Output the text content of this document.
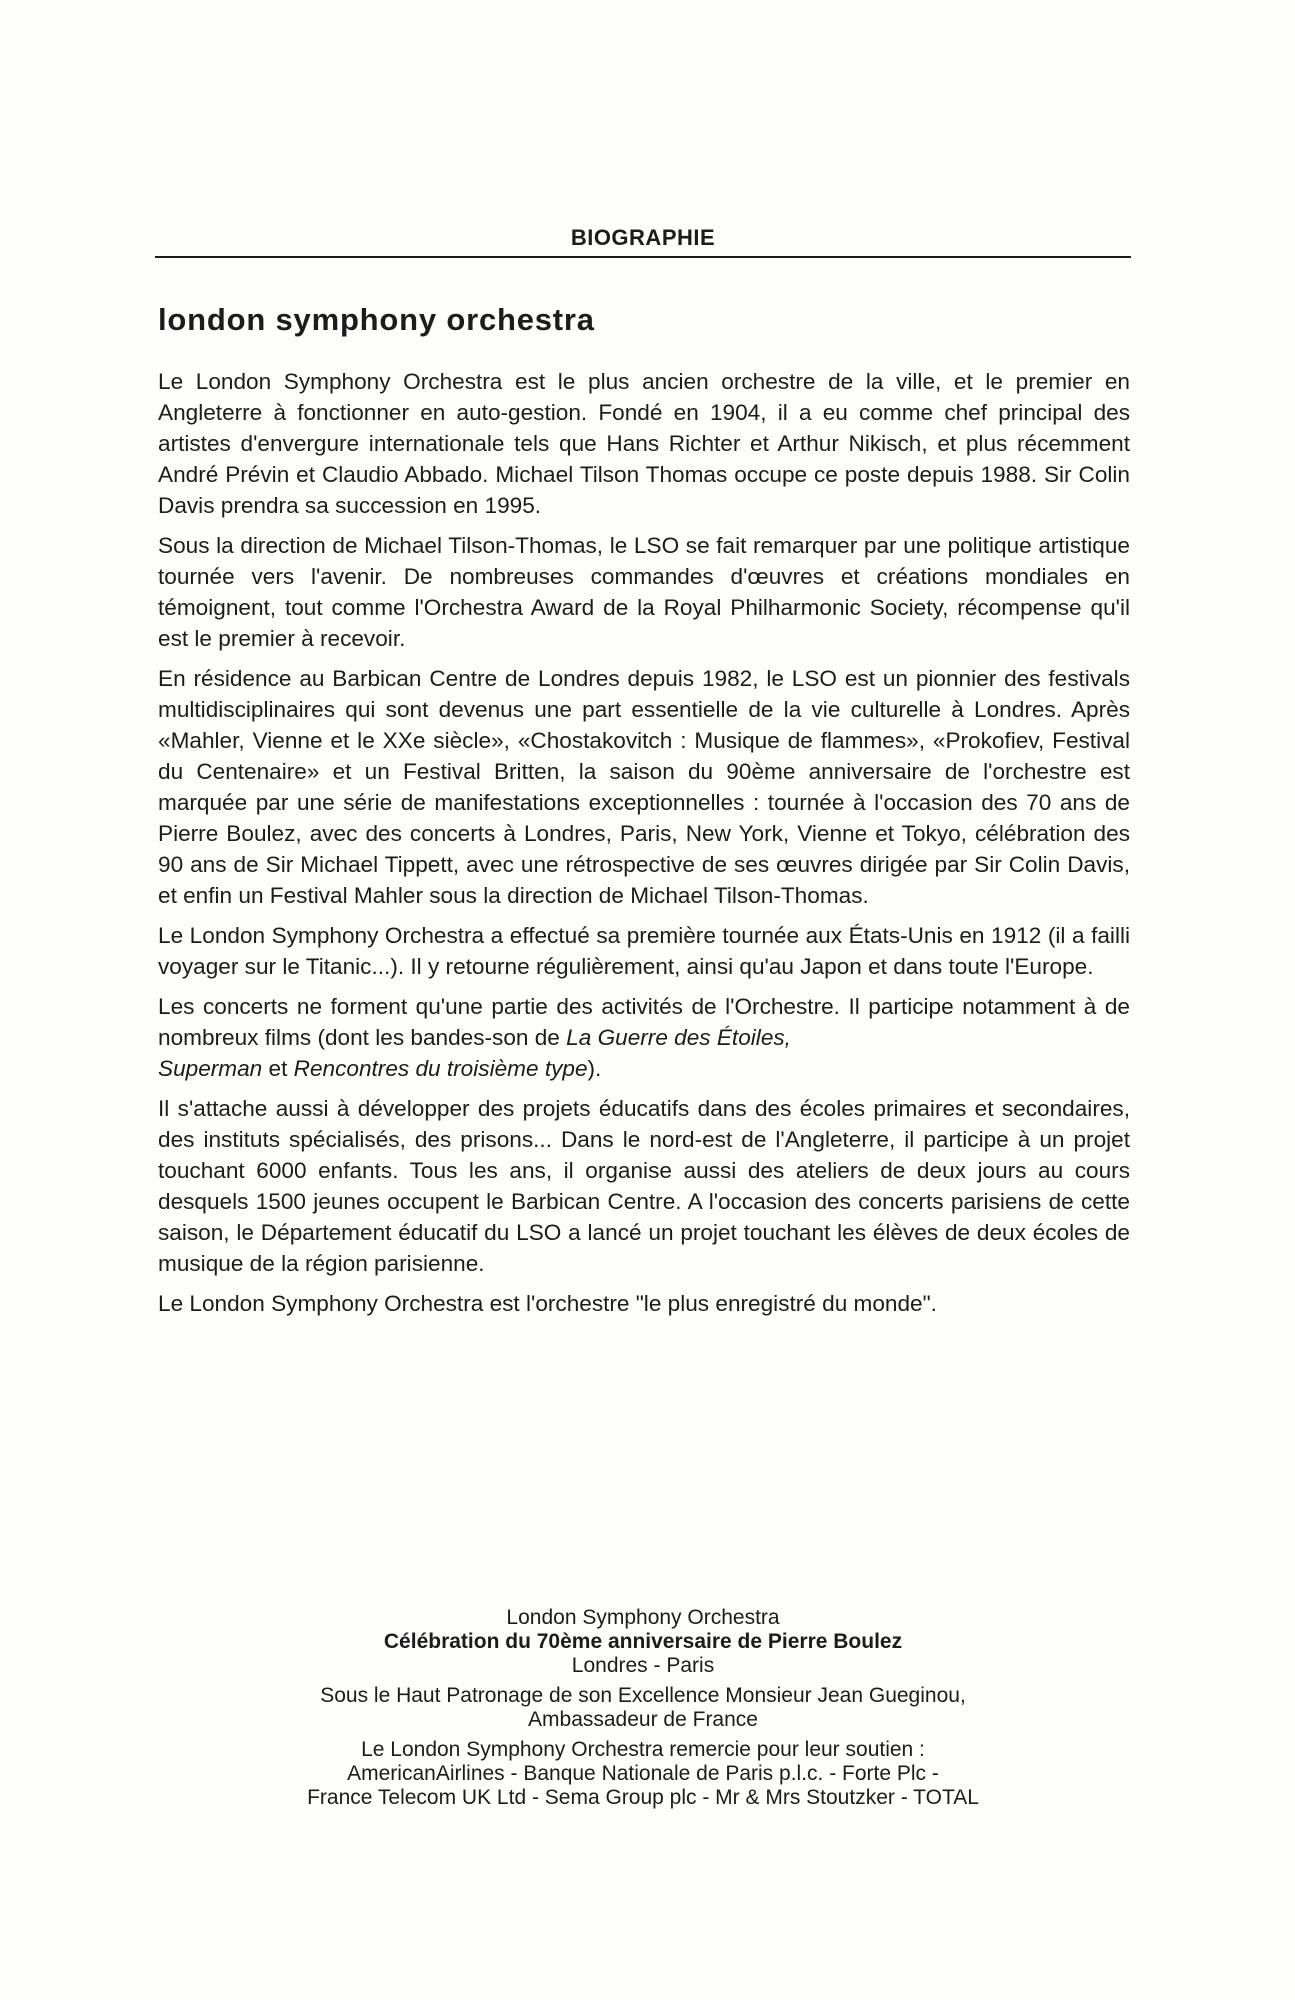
BIOGRAPHIE
london symphony orchestra

Le London Symphony Orchestra est le plus ancien orchestre de la ville, et le premier en Angleterre à fonctionner en auto-gestion. Fondé en 1904, il a eu comme chef principal des artistes d'envergure internationale tels que Hans Richter et Arthur Nikisch, et plus récemment André Prévin et Claudio Abbado. Michael Tilson Thomas occupe ce poste depuis 1988. Sir Colin Davis prendra sa succession en 1995.

Sous la direction de Michael Tilson-Thomas, le LSO se fait remarquer par une politique artistique tournée vers l'avenir. De nombreuses commandes d'œuvres et créations mondiales en témoignent, tout comme l'Orchestra Award de la Royal Philharmonic Society, récompense qu'il est le premier à recevoir.

En résidence au Barbican Centre de Londres depuis 1982, le LSO est un pionnier des festivals multidisciplinaires qui sont devenus une part essentielle de la vie culturelle à Londres. Après «Mahler, Vienne et le XXe siècle», «Chostakovitch : Musique de flammes», «Prokofiev, Festival du Centenaire» et un Festival Britten, la saison du 90ème anniversaire de l'orchestre est marquée par une série de manifestations exceptionnelles : tournée à l'occasion des 70 ans de Pierre Boulez, avec des concerts à Londres, Paris, New York, Vienne et Tokyo, célébration des 90 ans de Sir Michael Tippett, avec une rétrospective de ses œuvres dirigée par Sir Colin Davis, et enfin un Festival Mahler sous la direction de Michael Tilson-Thomas.

Le London Symphony Orchestra a effectué sa première tournée aux États-Unis en 1912 (il a failli voyager sur le Titanic...). Il y retourne régulièrement, ainsi qu'au Japon et dans toute l'Europe.

Les concerts ne forment qu'une partie des activités de l'Orchestre. Il participe notamment à de nombreux films (dont les bandes-son de La Guerre des Étoiles,
Superman et Rencontres du troisième type).

Il s'attache aussi à développer des projets éducatifs dans des écoles primaires et secondaires, des instituts spécialisés, des prisons... Dans le nord-est de l'Angleterre, il participe à un projet touchant 6000 enfants. Tous les ans, il organise aussi des ateliers de deux jours au cours desquels 1500 jeunes occupent le Barbican Centre. A l'occasion des concerts parisiens de cette saison, le Département éducatif du LSO a lancé un projet touchant les élèves de deux écoles de musique de la région parisienne.

Le London Symphony Orchestra est l'orchestre "le plus enregistré du monde".

London Symphony Orchestra
Célébration du 70ème anniversaire de Pierre Boulez
Londres - Paris
Sous le Haut Patronage de son Excellence Monsieur Jean Gueginou,
Ambassadeur de France
Le London Symphony Orchestra remercie pour leur soutien :
AmericanAirlines - Banque Nationale de Paris p.l.c. - Forte Plc -
France Telecom UK Ltd - Sema Group plc - Mr & Mrs Stoutzker - TOTAL
